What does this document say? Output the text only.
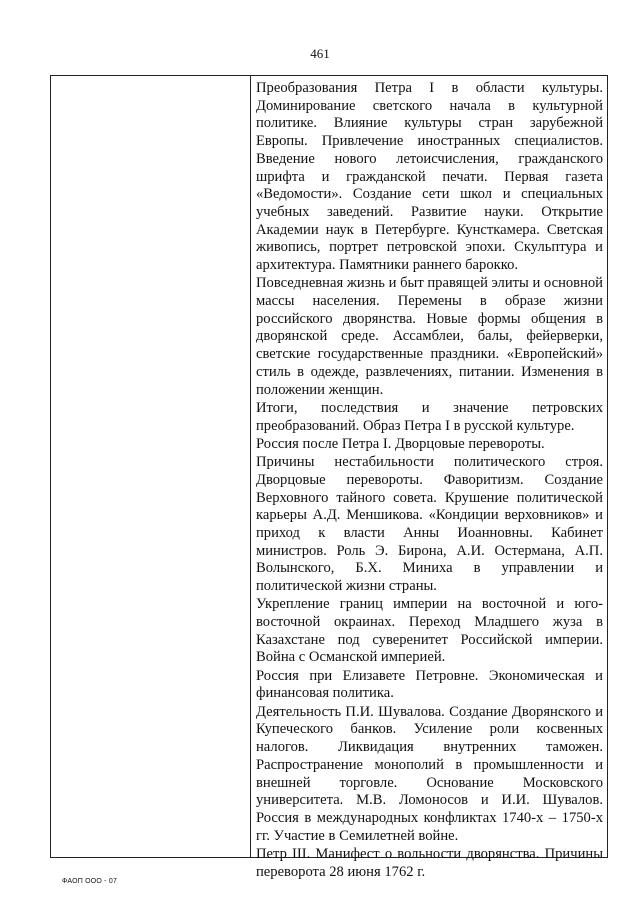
461

Преобразования Петра I в области культуры. Доминирование светского начала в культурной политике. Влияние культуры стран зарубежной Европы. Привлечение иностранных специалистов. Введение нового летоисчисления, гражданского шрифта и гражданской печати. Первая газета «Ведомости». Создание сети школ и специальных учебных заведений. Развитие науки. Открытие Академии наук в Петербурге. Кунсткамера. Светская живопись, портрет петровской эпохи. Скульптура и архитектура. Памятники раннего барокко.

Повседневная жизнь и быт правящей элиты и основной массы населения. Перемены в образе жизни российского дворянства. Новые формы общения в дворянской среде. Ассамблеи, балы, фейерверки, светские государственные праздники. «Европейский» стиль в одежде, развлечениях, питании. Изменения в положении женщин.

Итоги, последствия и значение петровских преобразований. Образ Петра I в русской культуре.

Россия после Петра I. Дворцовые перевороты.

Причины нестабильности политического строя. Дворцовые перевороты. Фаворитизм. Создание Верховного тайного совета. Крушение политической карьеры А.Д. Меншикова. «Кондиции верховников» и приход к власти Анны Иоанновны. Кабинет министров. Роль Э. Бирона, А.И. Остермана, А.П. Волынского, Б.Х. Миниха в управлении и политической жизни страны.

Укрепление границ империи на восточной и юго-восточной окраинах. Переход Младшего жуза в Казахстане под суверенитет Российской империи. Война с Османской империей.

Россия при Елизавете Петровне. Экономическая и финансовая политика.

Деятельность П.И. Шувалова. Создание Дворянского и Купеческого банков. Усиление роли косвенных налогов. Ликвидация внутренних таможен. Распространение монополий в промышленности и внешней торговле. Основание Московского университета. М.В. Ломоносов и И.И. Шувалов. Россия в международных конфликтах 1740-х – 1750-х гг. Участие в Семилетней войне.

Петр III. Манифест о вольности дворянства. Причины переворота 28 июня 1762 г.

ФАОП ООО - 07
